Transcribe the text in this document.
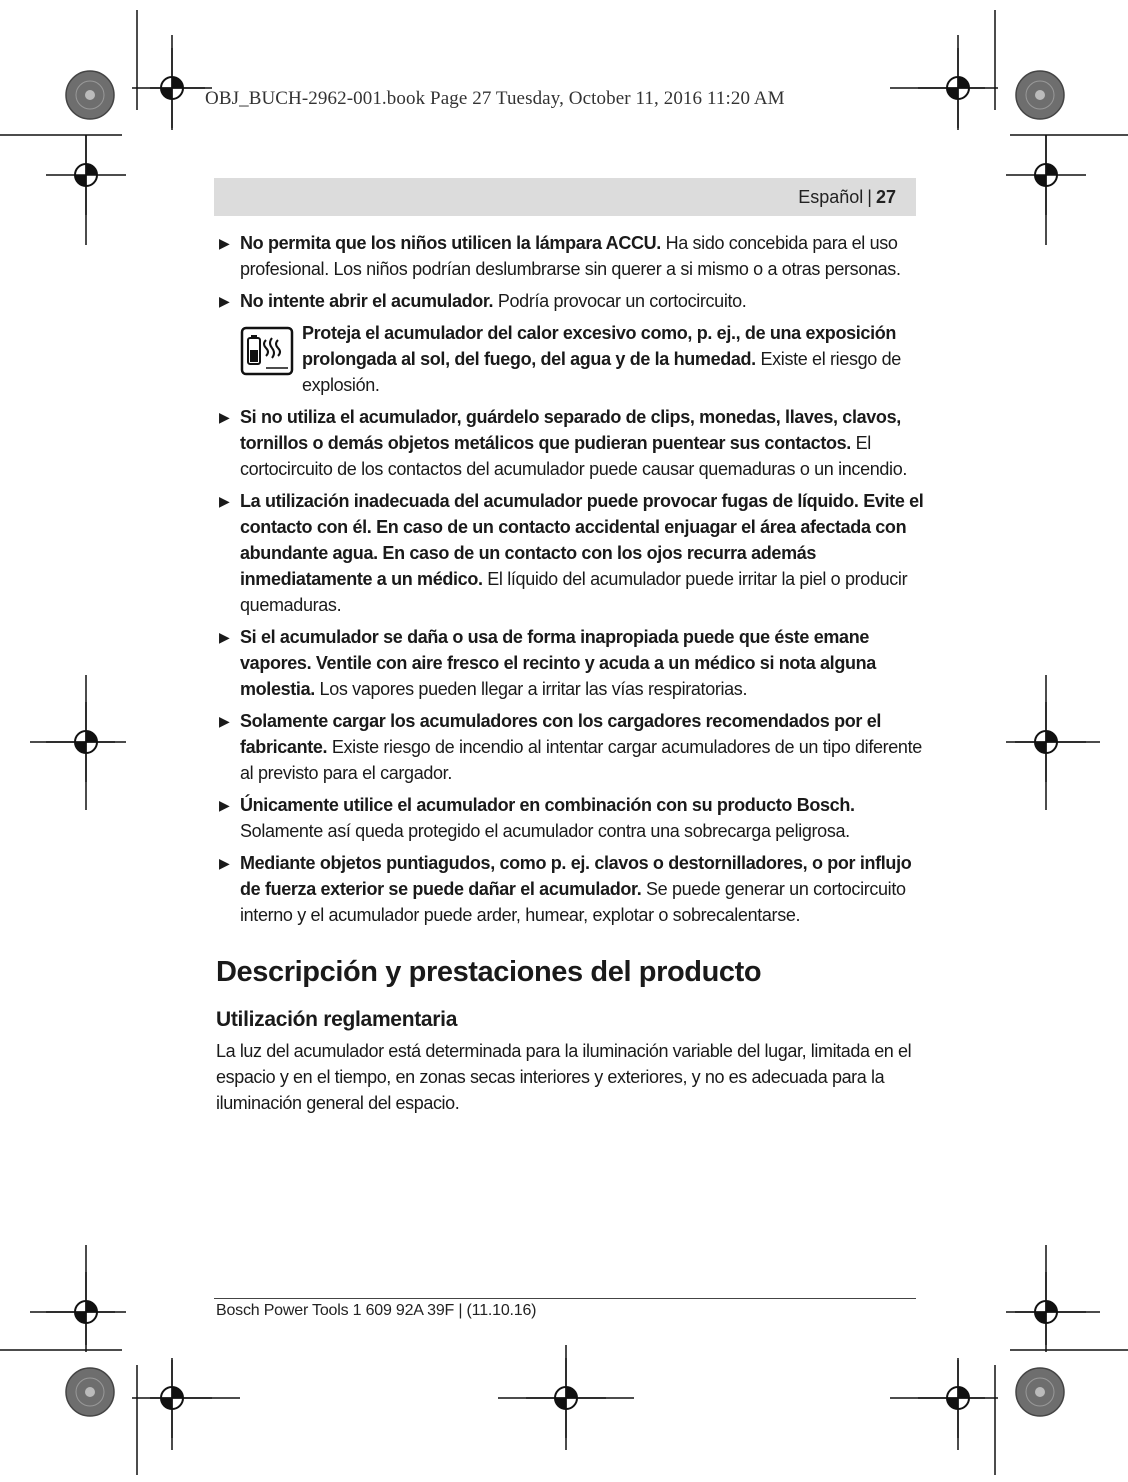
OBJ_BUCH-2962-001.book Page 27 Tuesday, October 11, 2016 11:20 AM
Español | 27
▶ No permita que los niños utilicen la lámpara ACCU. Ha sido concebida para el uso profesional. Los niños podrían deslumbrarse sin querer a si mismo o a otras personas.
▶ No intente abrir el acumulador. Podría provocar un cortocircuito.
Proteja el acumulador del calor excesivo como, p. ej., de una exposición prolongada al sol, del fuego, del agua y de la humedad. Existe el riesgo de explosión.
▶ Si no utiliza el acumulador, guárdelo separado de clips, monedas, llaves, clavos, tornillos o demás objetos metálicos que pudieran puentear sus contactos. El cortocircuito de los contactos del acumulador puede causar quemaduras o un incendio.
▶ La utilización inadecuada del acumulador puede provocar fugas de líquido. Evite el contacto con él. En caso de un contacto accidental enjuagar el área afectada con abundante agua. En caso de un contacto con los ojos recurra además inmediatamente a un médico. El líquido del acumulador puede irritar la piel o producir quemaduras.
▶ Si el acumulador se daña o usa de forma inapropiada puede que éste emane vapores. Ventile con aire fresco el recinto y acuda a un médico si nota alguna molestia. Los vapores pueden llegar a irritar las vías respiratorias.
▶ Solamente cargar los acumuladores con los cargadores recomendados por el fabricante. Existe riesgo de incendio al intentar cargar acumuladores de un tipo diferente al previsto para el cargador.
▶ Únicamente utilice el acumulador en combinación con su producto Bosch. Solamente así queda protegido el acumulador contra una sobrecarga peligrosa.
▶ Mediante objetos puntiagudos, como p. ej. clavos o destornilladores, o por influjo de fuerza exterior se puede dañar el acumulador. Se puede generar un cortocircuito interno y el acumulador puede arder, humear, explotar o sobrecalentarse.
Descripción y prestaciones del producto
Utilización reglamentaria
La luz del acumulador está determinada para la iluminación variable del lugar, limitada en el espacio y en el tiempo, en zonas secas interiores y exteriores, y no es adecuada para la iluminación general del espacio.
Bosch Power Tools 1 609 92A 39F | (11.10.16)
